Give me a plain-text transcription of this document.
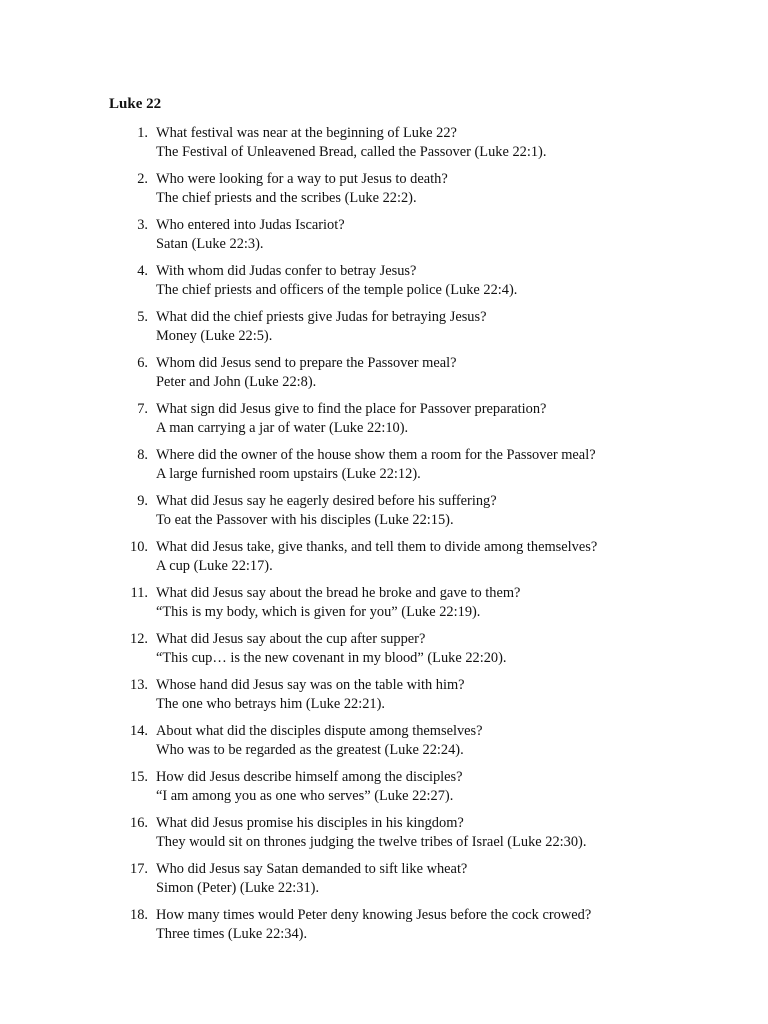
Luke 22
1. What festival was near at the beginning of Luke 22?
The Festival of Unleavened Bread, called the Passover (Luke 22:1).
2. Who were looking for a way to put Jesus to death?
The chief priests and the scribes (Luke 22:2).
3. Who entered into Judas Iscariot?
Satan (Luke 22:3).
4. With whom did Judas confer to betray Jesus?
The chief priests and officers of the temple police (Luke 22:4).
5. What did the chief priests give Judas for betraying Jesus?
Money (Luke 22:5).
6. Whom did Jesus send to prepare the Passover meal?
Peter and John (Luke 22:8).
7. What sign did Jesus give to find the place for Passover preparation?
A man carrying a jar of water (Luke 22:10).
8. Where did the owner of the house show them a room for the Passover meal?
A large furnished room upstairs (Luke 22:12).
9. What did Jesus say he eagerly desired before his suffering?
To eat the Passover with his disciples (Luke 22:15).
10. What did Jesus take, give thanks, and tell them to divide among themselves?
A cup (Luke 22:17).
11. What did Jesus say about the bread he broke and gave to them?
“This is my body, which is given for you” (Luke 22:19).
12. What did Jesus say about the cup after supper?
“This cup… is the new covenant in my blood” (Luke 22:20).
13. Whose hand did Jesus say was on the table with him?
The one who betrays him (Luke 22:21).
14. About what did the disciples dispute among themselves?
Who was to be regarded as the greatest (Luke 22:24).
15. How did Jesus describe himself among the disciples?
“I am among you as one who serves” (Luke 22:27).
16. What did Jesus promise his disciples in his kingdom?
They would sit on thrones judging the twelve tribes of Israel (Luke 22:30).
17. Who did Jesus say Satan demanded to sift like wheat?
Simon (Peter) (Luke 22:31).
18. How many times would Peter deny knowing Jesus before the cock crowed?
Three times (Luke 22:34).
